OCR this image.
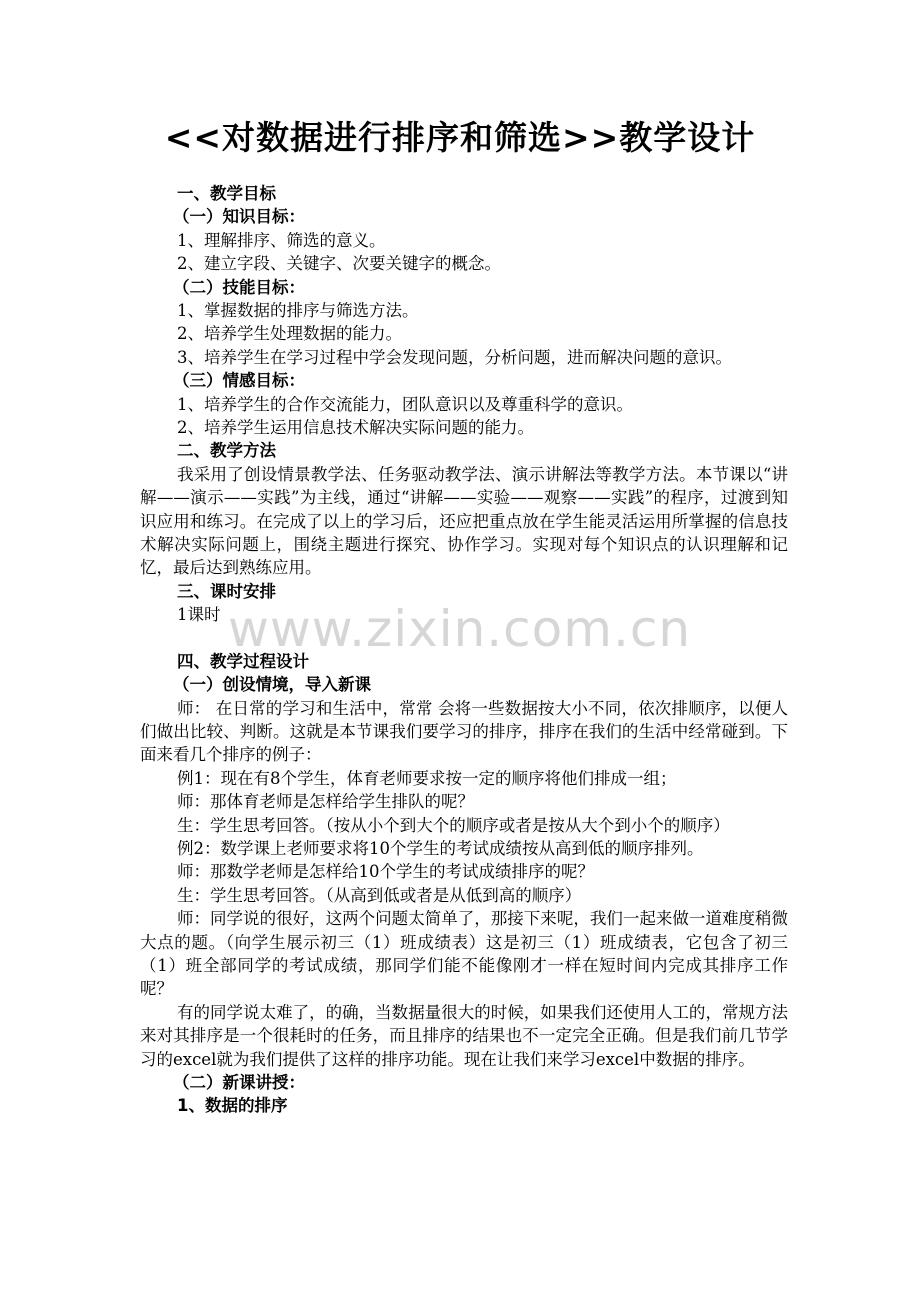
<<对数据进行排序和筛选>>教学设计
www.zixin.com.cn
一、教学目标
（一）知识目标：
1、理解排序、筛选的意义。
2、建立字段、关键字、次要关键字的概念。
（二）技能目标：
1、掌握数据的排序与筛选方法。
2、培养学生处理数据的能力。
3、培养学生在学习过程中学会发现问题，分析问题，进而解决问题的意识。
（三）情感目标：
1、培养学生的合作交流能力，团队意识以及尊重科学的意识。
2、培养学生运用信息技术解决实际问题的能力。
二、教学方法

我采用了创设情景教学法、任务驱动教学法、演示讲解法等教学方法。本节课以“讲解——演示——实践”为主线，通过“讲解——实验——观察——实践”的程序，过渡到知识应用和练习。在完成了以上的学习后，还应把重点放在学生能灵活运用所掌握的信息技术解决实际问题上，围绕主题进行探究、协作学习。实现对每个知识点的认识理解和记忆，最后达到熟练应用。

三、课时安排
1课时
四、教学过程设计
（一）创设情境，导入新课

师： 在日常的学习和生活中，常常 会将一些数据按大小不同，依次排顺序，以便人们做出比较、判断。这就是本节课我们要学习的排序，排序在我们的生活中经常碰到。下面来看几个排序的例子：

例1：现在有8个学生，体育老师要求按一定的顺序将他们排成一组；
师：那体育老师是怎样给学生排队的呢？
生：学生思考回答。（按从小个到大个的顺序或者是按从大个到小个的顺序）
例2：数学课上老师要求将10个学生的考试成绩按从高到低的顺序排列。
师：那数学老师是怎样给10个学生的考试成绩排序的呢？
生：学生思考回答。（从高到低或者是从低到高的顺序）

师：同学说的很好，这两个问题太简单了，那接下来呢，我们一起来做一道难度稍微大点的题。（向学生展示初三（1）班成绩表）这是初三（1）班成绩表，它包含了初三（1）班全部同学的考试成绩，那同学们能不能像刚才一样在短时间内完成其排序工作呢？

有的同学说太难了，的确，当数据量很大的时候，如果我们还使用人工的，常规方法来对其排序是一个很耗时的任务，而且排序的结果也不一定完全正确。但是我们前几节学习的excel就为我们提供了这样的排序功能。现在让我们来学习excel中数据的排序。

（二）新课讲授：
1、数据的排序
